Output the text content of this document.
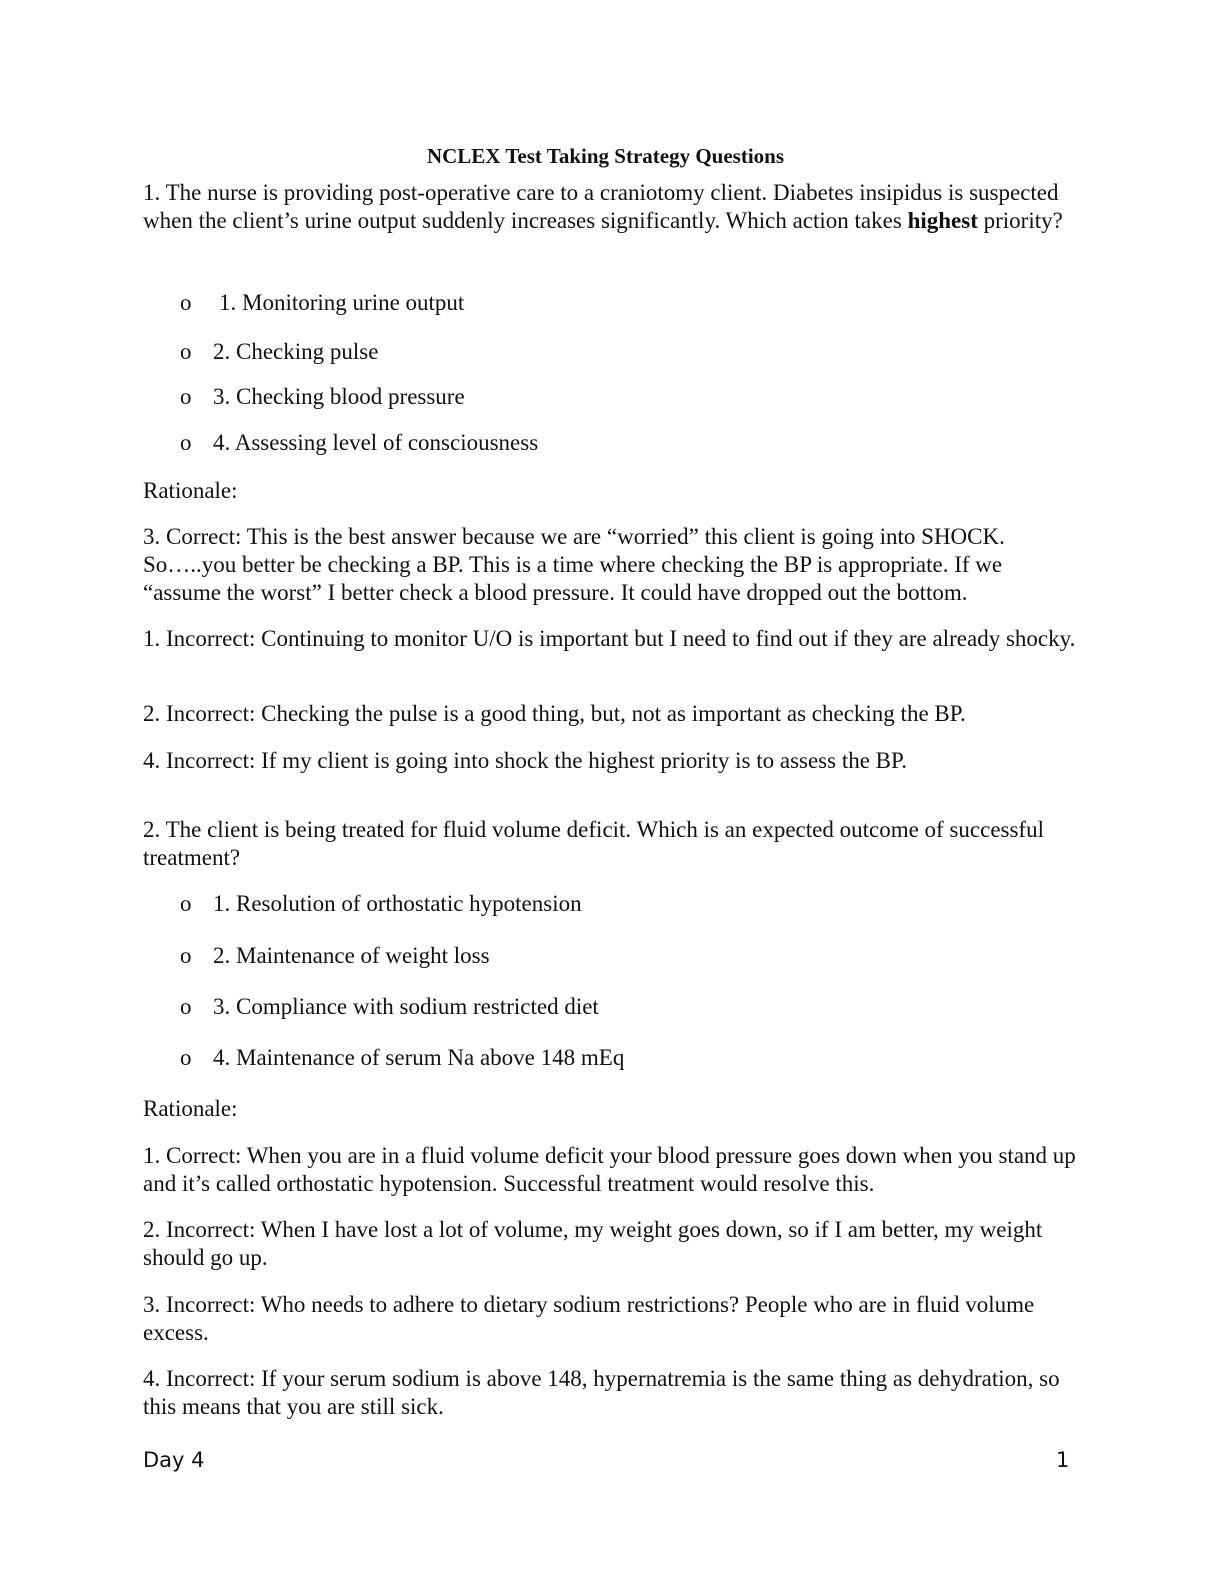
NCLEX Test Taking Strategy Questions

1. The nurse is providing post-operative care to a craniotomy client. Diabetes insipidus is suspected when the client’s urine output suddenly increases significantly. Which action takes highest priority?

o 1. Monitoring urine output
o 2. Checking pulse
o 3. Checking blood pressure
o 4. Assessing level of consciousness

Rationale:

3. Correct: This is the best answer because we are “worried” this client is going into SHOCK. So…..you better be checking a BP. This is a time where checking the BP is appropriate. If we “assume the worst” I better check a blood pressure. It could have dropped out the bottom.

1. Incorrect: Continuing to monitor U/O is important but I need to find out if they are already shocky.

2. Incorrect: Checking the pulse is a good thing, but, not as important as checking the BP.

4. Incorrect: If my client is going into shock the highest priority is to assess the BP.

2. The client is being treated for fluid volume deficit. Which is an expected outcome of successful treatment?

o 1. Resolution of orthostatic hypotension
o 2. Maintenance of weight loss
o 3. Compliance with sodium restricted diet
o 4. Maintenance of serum Na above 148 mEq

Rationale:

1. Correct: When you are in a fluid volume deficit your blood pressure goes down when you stand up and it’s called orthostatic hypotension. Successful treatment would resolve this.

2. Incorrect: When I have lost a lot of volume, my weight goes down, so if I am better, my weight should go up.

3. Incorrect: Who needs to adhere to dietary sodium restrictions? People who are in fluid volume excess.

4. Incorrect: If your serum sodium is above 148, hypernatremia is the same thing as dehydration, so this means that you are still sick.

Day 4	1
